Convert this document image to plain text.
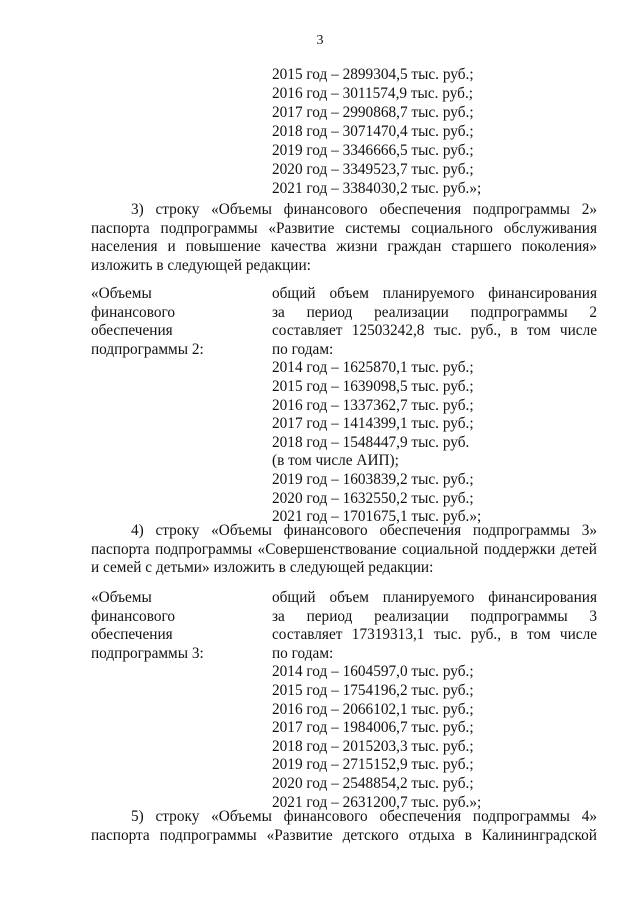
3
2015 год – 2899304,5 тыс. руб.;
2016 год – 3011574,9 тыс. руб.;
2017 год – 2990868,7 тыс. руб.;
2018 год – 3071470,4 тыс. руб.;
2019 год – 3346666,5 тыс. руб.;
2020 год – 3349523,7 тыс. руб.;
2021 год – 3384030,2 тыс. руб.»;
3) строку «Объемы финансового обеспечения подпрограммы 2»
паспорта подпрограммы «Развитие системы социального обслуживания
населения и повышение качества жизни граждан старшего поколения»
изложить в следующей редакции:
«Объемы
финансового
обеспечения
подпрограммы 2:
общий объем планируемого финансирования
за период реализации подпрограммы 2
составляет 12503242,8 тыс. руб., в том числе
по годам:
2014 год – 1625870,1 тыс. руб.;
2015 год – 1639098,5 тыс. руб.;
2016 год – 1337362,7 тыс. руб.;
2017 год – 1414399,1 тыс. руб.;
2018 год – 1548447,9 тыс. руб.
(в том числе АИП);
2019 год – 1603839,2 тыс. руб.;
2020 год – 1632550,2 тыс. руб.;
2021 год – 1701675,1 тыс. руб.»;
4) строку «Объемы финансового обеспечения подпрограммы 3»
паспорта подпрограммы «Совершенствование социальной поддержки детей
и семей с детьми» изложить в следующей редакции:
«Объемы
финансового
обеспечения
подпрограммы 3:
общий объем планируемого финансирования
за период реализации подпрограммы 3
составляет 17319313,1 тыс. руб., в том числе
по годам:
2014 год – 1604597,0 тыс. руб.;
2015 год – 1754196,2 тыс. руб.;
2016 год – 2066102,1 тыс. руб.;
2017 год – 1984006,7 тыс. руб.;
2018 год – 2015203,3 тыс. руб.;
2019 год – 2715152,9 тыс. руб.;
2020 год – 2548854,2 тыс. руб.;
2021 год – 2631200,7 тыс. руб.»;
5) строку «Объемы финансового обеспечения подпрограммы 4»
паспорта подпрограммы «Развитие детского отдыха в Калининградской
